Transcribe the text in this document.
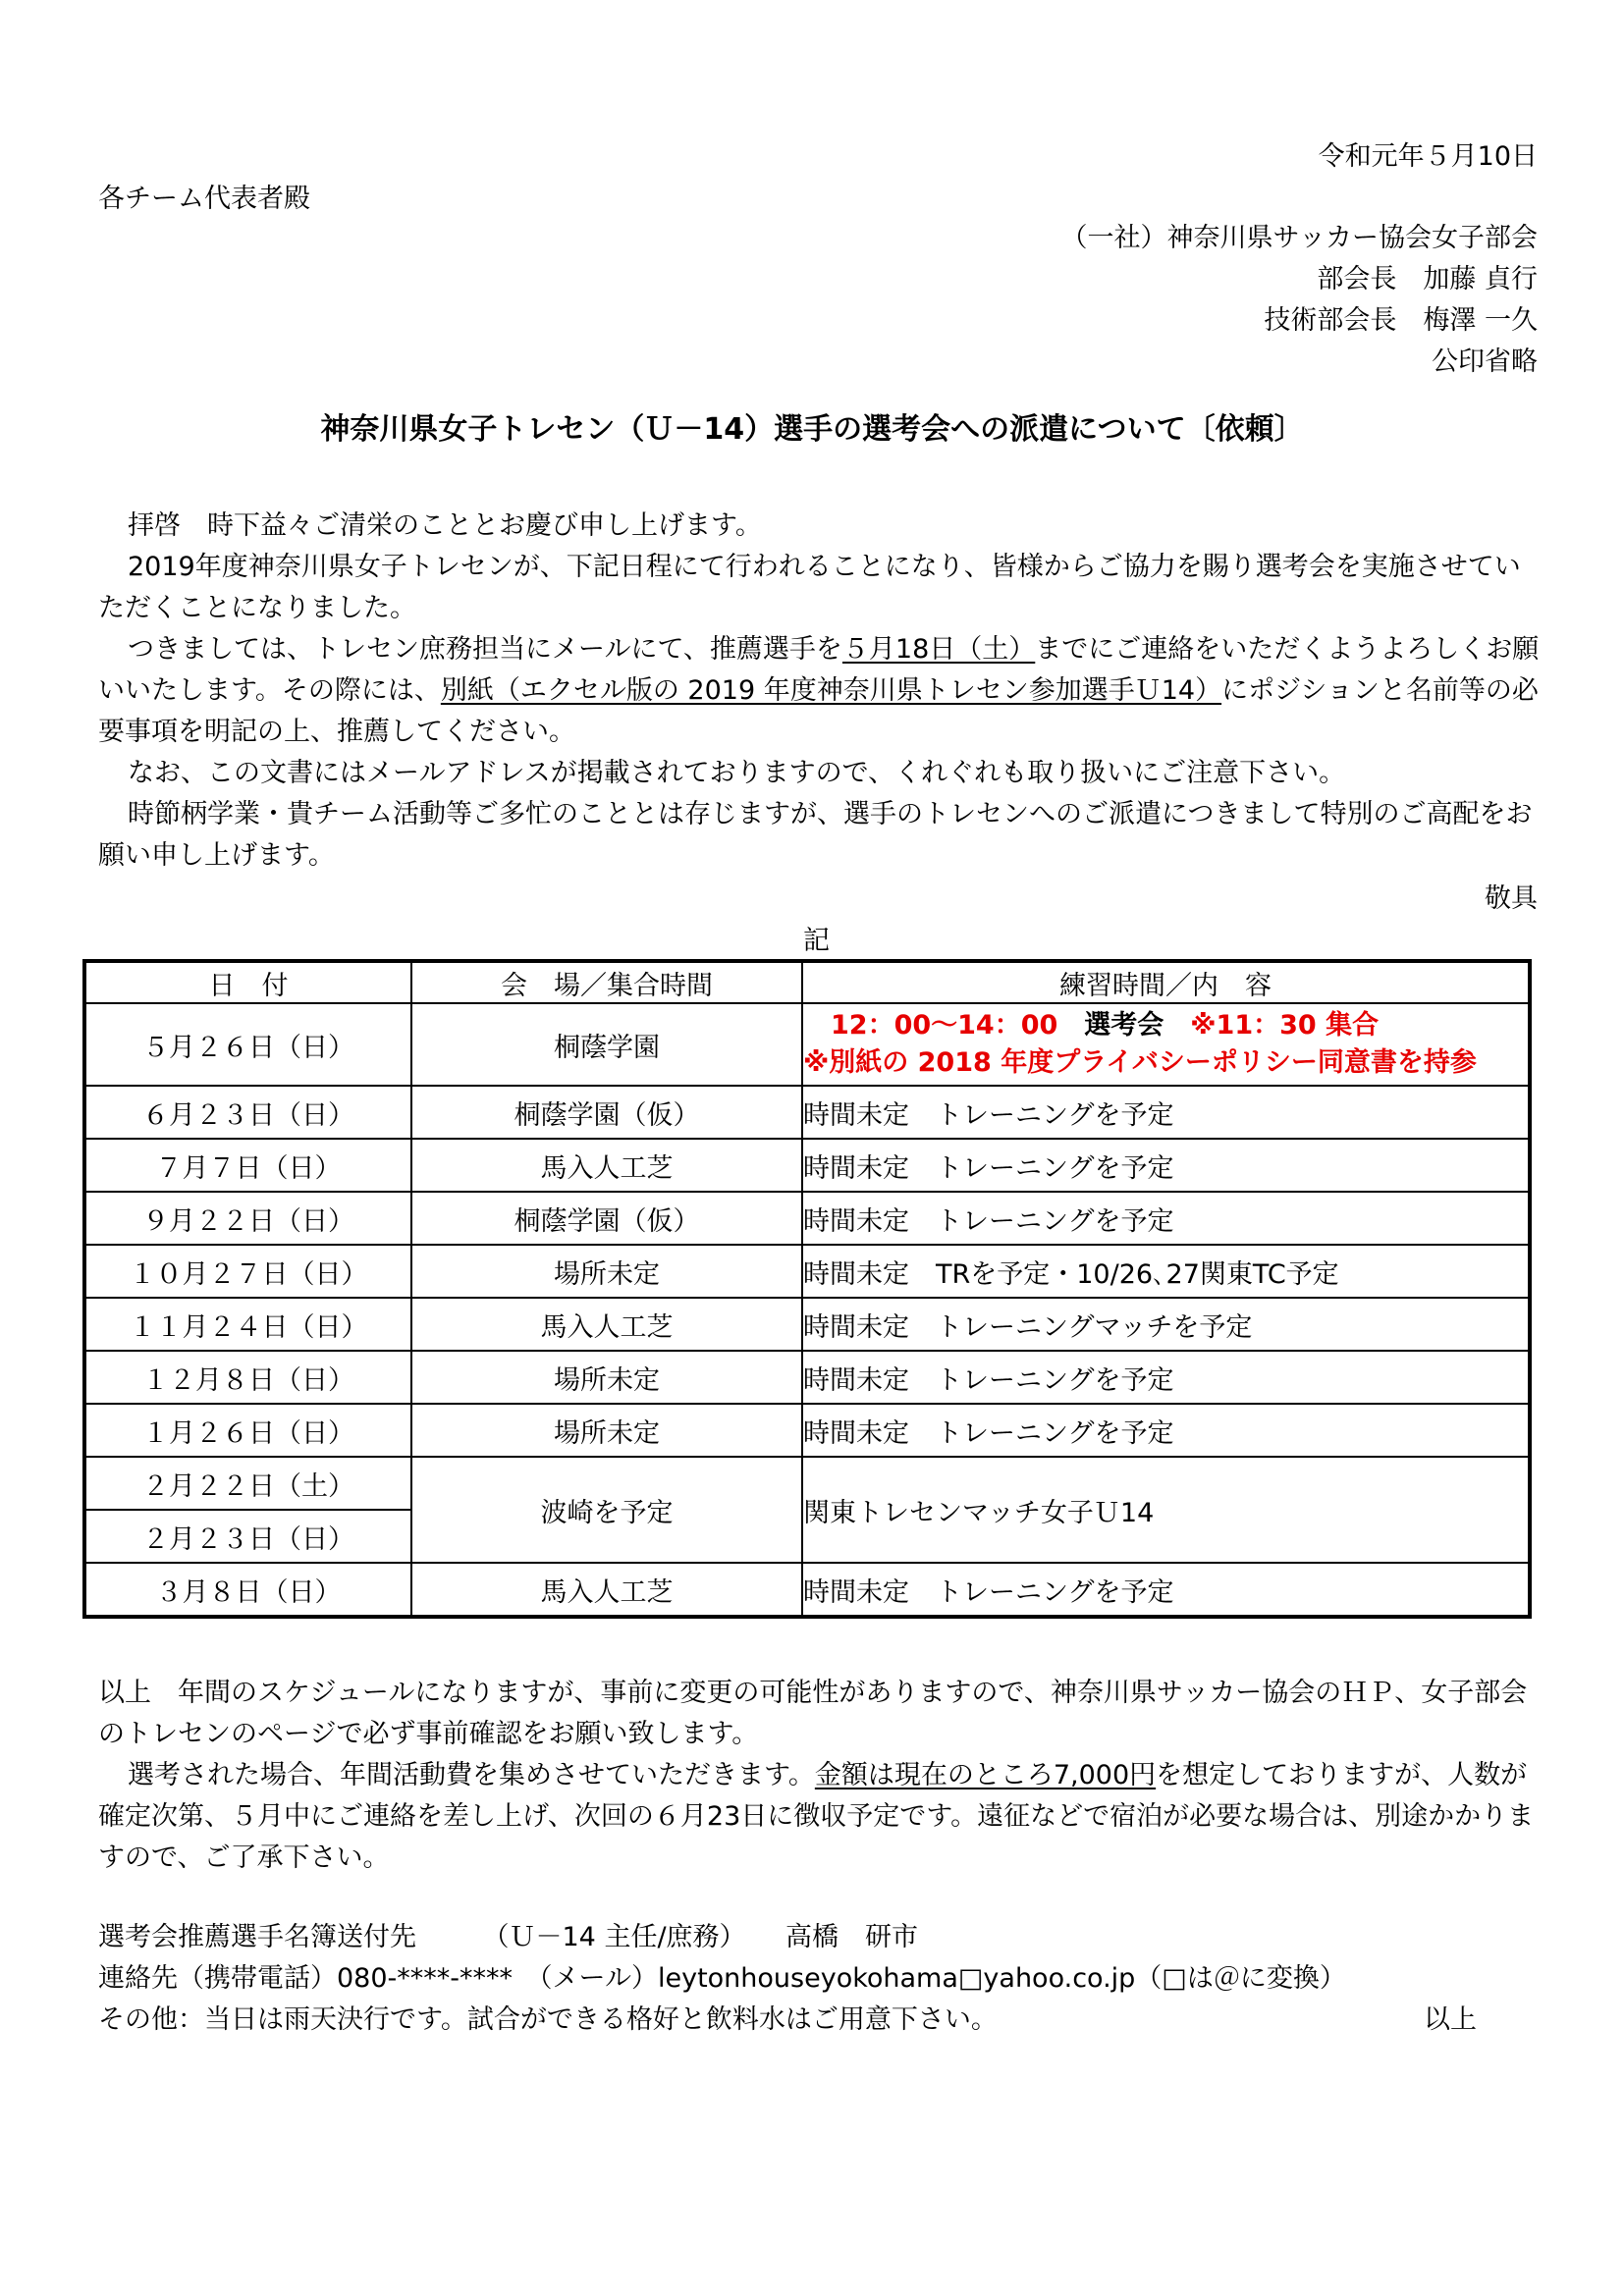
令和元年５月10日
各チーム代表者殿
（一社）神奈川県サッカー協会女子部会
部会長　加藤 貞行
技術部会長　梅澤 一久
公印省略
神奈川県女子トレセン（Ｕ－14）選手の選考会への派遣について〔依頼〕

拝啓　時下益々ご清栄のこととお慶び申し上げます。

2019年度神奈川県女子トレセンが、下記日程にて行われることになり、皆様からご協力を賜り選考会を実施させていただくことになりました。

つきましては、トレセン庶務担当にメールにて、推薦選手を５月18日（土）までにご連絡をいただくようよろしくお願いいたします。その際には、別紙（エクセル版の 2019 年度神奈川県トレセン参加選手Ｕ14）にポジションと名前等の必要事項を明記の上、推薦してください。

なお、この文書にはメールアドレスが掲載されておりますので、くれぐれも取り扱いにご注意下さい。

時節柄学業・貴チーム活動等ご多忙のこととは存じますが、選手のトレセンへのご派遣につきまして特別のご高配をお願い申し上げます。

敬具
記
日　付	会　場／集合時間	練習時間／内　容
５月２６日（日）	桐蔭学園	12：00～14：00　選考会　※11：30 集合
※別紙の 2018 年度プライバシーポリシー同意書を持参

６月２３日（日）	桐蔭学園（仮）	時間未定　トレーニングを予定
７月７日（日）	馬入人工芝	時間未定　トレーニングを予定
９月２２日（日）	桐蔭学園（仮）	時間未定　トレーニングを予定
１０月２７日（日）	場所未定	時間未定　TRを予定・10/26､27関東TC予定
１１月２４日（日）	馬入人工芝	時間未定　トレーニングマッチを予定
１２月８日（日）	場所未定	時間未定　トレーニングを予定
１月２６日（日）	場所未定	時間未定　トレーニングを予定
２月２２日（土）	波崎を予定	関東トレセンマッチ女子Ｕ14
２月２３日（日）		
３月８日（日）	馬入人工芝	時間未定　トレーニングを予定

以上　年間のスケジュールになりますが、事前に変更の可能性がありますので、神奈川県サッカー協会のＨＰ、女子部会のトレセンのページで必ず事前確認をお願い致します。

選考された場合、年間活動費を集めさせていただきます。金額は現在のところ7,000円を想定しておりますが、人数が確定次第、５月中にご連絡を差し上げ、次回の６月23日に徴収予定です。遠征などで宿泊が必要な場合は、別途かかりますので、ご了承下さい。

選考会推薦選手名簿送付先　　　（Ｕ－14 主任/庶務）　　高橋　研市

連絡先（携帯電話）080-****-****　（メール）leytonhouseyokohama□yahoo.co.jp（□は＠に変換）

その他：当日は雨天決行です。試合ができる格好と飲料水はご用意下さい。	以上
